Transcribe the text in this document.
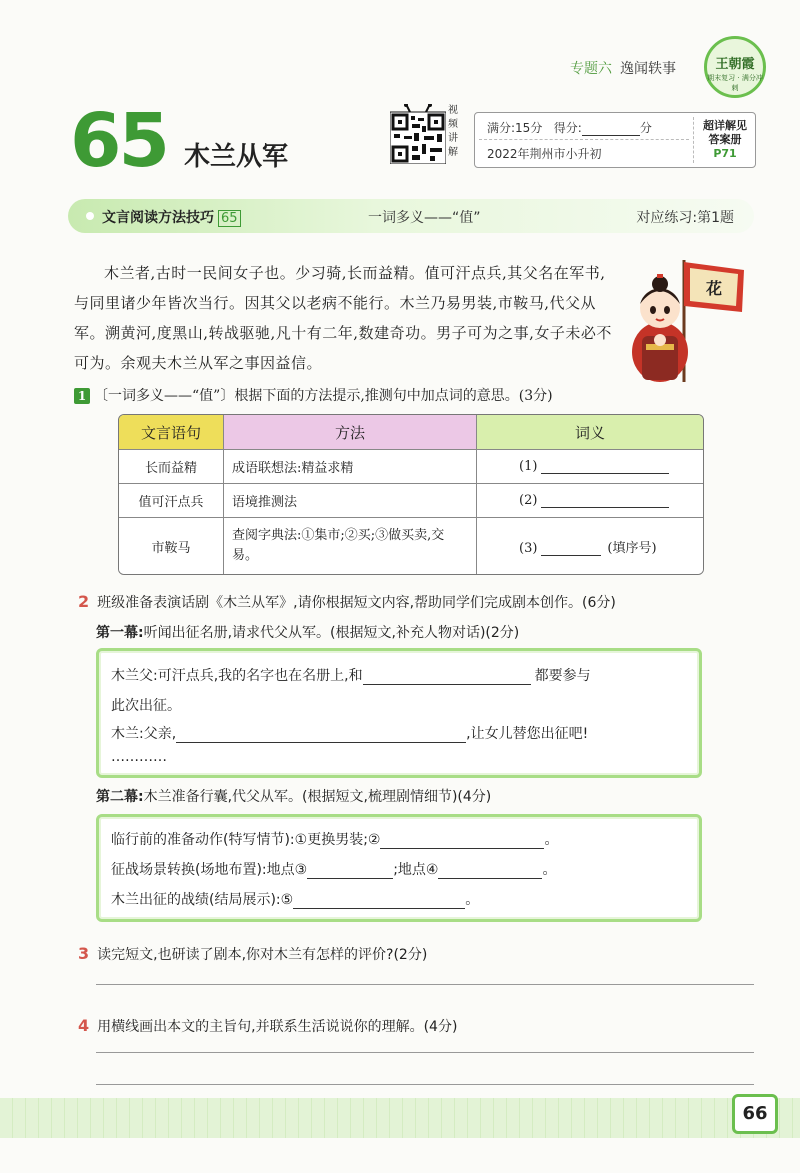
专题六 逸闻轶事	王朝霞
期末复习 · 满分冲刺
65 木兰从军
视频讲解
满分:15分 得分:	分
2022年荆州市小升初
超详解见
答案册
P71
文言阅读方法技巧 65	一词多义——“值”	对应练习:第1题
木兰者,古时一民间女子也。少习骑,长而益精。值可汗点兵,其父名在军书,与同里诸少年皆次当行。因其父以老病不能行。木兰乃易男装,市鞍马,代父从军。溯黄河,度黑山,转战驱驰,凡十有二年,数建奇功。男子可为之事,女子未必不可为。余观夫木兰从军之事因益信。
花
1 〔一词多义——“值”〕根据下面的方法提示,推测句中加点词的意思。(3分)
文言语句	方法	词义
长而益精	成语联想法:精益求精	(1)
值可汗点兵	语境推测法	(2)
市鞍马	查阅字典法:①集市;②买;③做买卖,交易。	(3) (填序号)
2 班级准备表演话剧《木兰从军》,请你根据短文内容,帮助同学们完成剧本创作。(6分)
第一幕:听闻出征名册,请求代父从军。(根据短文,补充人物对话)(2分)
木兰父:可汗点兵,我的名字也在名册上,和	都要参与
此次出征。
木兰:父亲,	,让女儿替您出征吧!
…………
第二幕:木兰准备行囊,代父从军。(根据短文,梳理剧情细节)(4分)
临行前的准备动作(特写情节):①更换男装;②	。
征战场景转换(场地布置):地点③	;地点④	。
木兰出征的战绩(结局展示):⑤	。
3 读完短文,也研读了剧本,你对木兰有怎样的评价?(2分)
4 用横线画出本文的主旨句,并联系生活说说你的理解。(4分)
66
